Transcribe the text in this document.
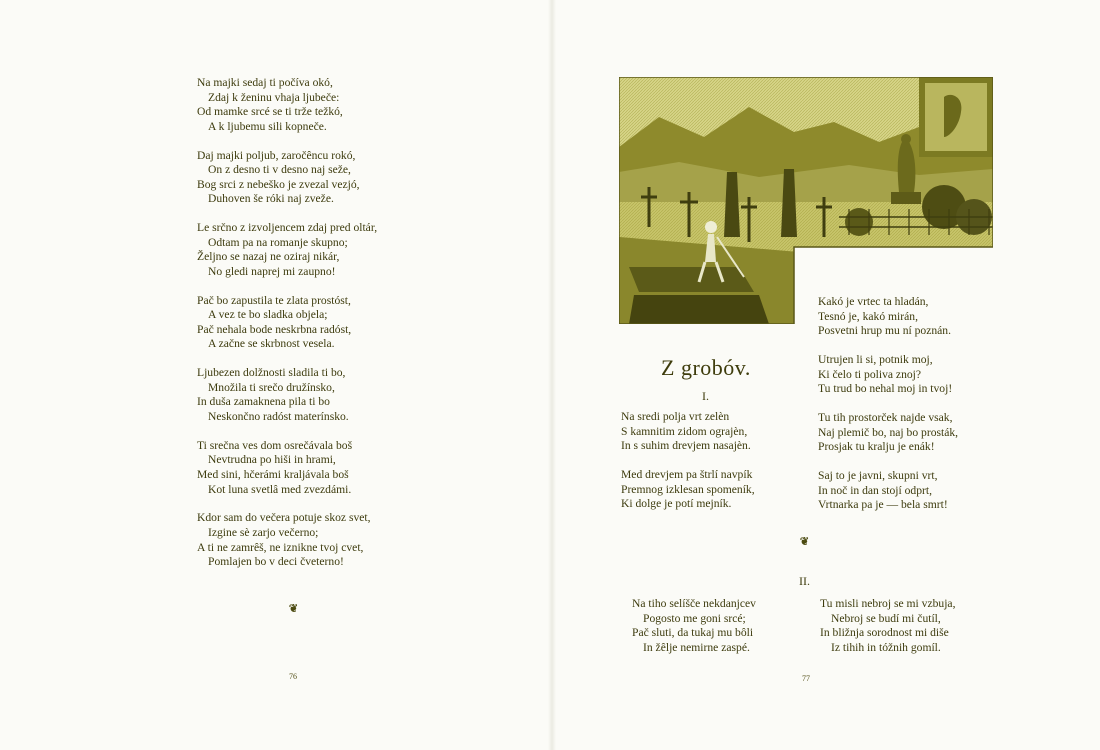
Na majki sedaj ti počíva okó,
Zdaj k ženinu vhaja ljubeče:
Od mamke srcé se ti trže težkó,
A k ljubemu sili kopneče.
Daj majki poljub, zaročêncu rokó,
On z desno ti v desno naj seže,
Bog srci z nebeško je zvezal vezjó,
Duhoven še róki naj zveže.
Le srčno z izvoljencem zdaj pred oltár,
Odtam pa na romanje skupno;
Željno se nazaj ne oziraj nikár,
No gledi naprej mi zaupno!
Pač bo zapustila te zlata prostóst,
A vez te bo sladka objela;
Pač nehala bode neskrbna radóst,
A začne se skrbnost vesela.
Ljubezen dolžnosti sladila ti bo,
Množila ti srečo družínsko,
In duša zamaknena pila ti bo
Neskončno radóst materínsko.
Ti srečna ves dom osrečávala boš
Nevtrudna po hiši in hrami,
Med sini, hčerámi kraljávala boš
Kot luna svetlâ med zvezdámi.
Kdor sam do večera potuje skoz svet,
Izgine sè zarjo večerno;
A ti ne zamrêš, ne iznikne tvoj cvet,
Pomlajen bo v deci čveterno!
❦
76
Z grobóv.
I.
Na sredi polja vrt zelèn
S kamnitim zidom ograjèn,
In s suhim drevjem nasajèn.
Med drevjem pa štrlí navpík
Premnog izklesan spomeník,
Ki dolge je potí mejník.
Kakó je vrtec ta hladán,
Tesnó je, kakó mirán,
Posvetni hrup mu ní poznán.
Utrujen li si, potnik moj,
Ki čelo ti poliva znoj?
Tu trud bo nehal moj in tvoj!
Tu tih prostorček najde vsak,
Naj plemič bo, naj bo prosták,
Prosjak tu kralju je enák!
Saj to je javni, skupni vrt,
In noč in dan stojí odprt,
Vrtnarka pa je — bela smrt!
❦
II.
Na tiho selíšče nekdanjcev
Pogosto me goni srcé;
Pač sluti, da tukaj mu bôli
In žêlje nemirne zaspé.
Tu misli nebroj se mi vzbuja,
Nebroj se budí mi čutíl,
In bližnja sorodnost mi diše
Iz tihih in tóžnih gomíl.
77
